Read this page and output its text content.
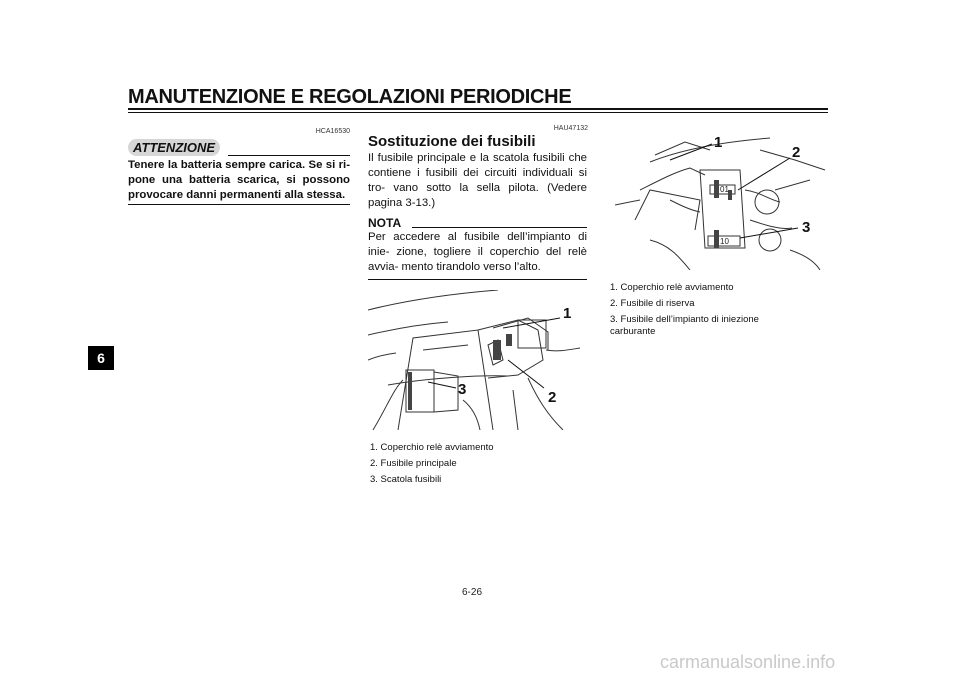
MANUTENZIONE E REGOLAZIONI PERIODICHE
6
HCA16530
ATTENZIONE
Tenere la batteria sempre carica. Se si ri- pone una batteria scarica, si possono provocare danni permanenti alla stessa.
HAU47132
Sostituzione dei fusibili
Il fusibile principale e la scatola fusibili che contiene i fusibili dei circuiti individuali si tro- vano sotto la sella pilota. (Vedere pagina 3-13.)
NOTA
Per accedere al fusibile dell’impianto di inie- zione, togliere il coperchio del relè avvia- mento tirandolo verso l’alto.
1
2
3
1. Coperchio relè avviamento
2. Fusibile principale
3. Scatola fusibili
01
10
1
2
3
1. Coperchio relè avviamento
2. Fusibile di riserva
3. Fusibile dell’impianto di iniezione carburante
6-26
carmanualsonline.info
